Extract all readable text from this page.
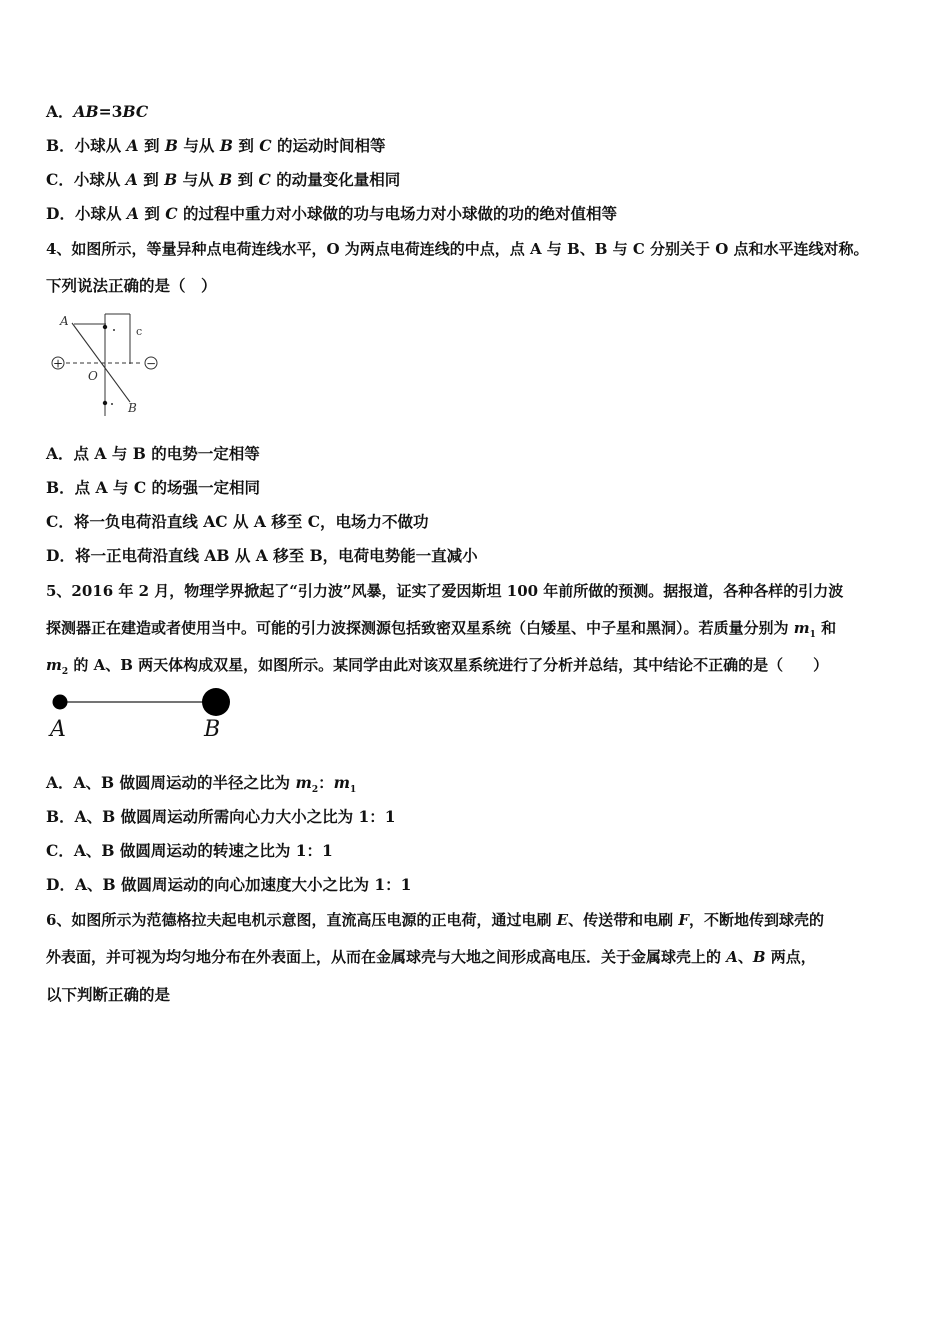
A．AB=3BC
B．小球从 A 到 B 与从 B 到 C 的运动时间相等
C．小球从 A 到 B 与从 B 到 C 的动量变化量相同
D．小球从 A 到 C 的过程中重力对小球做的功与电场力对小球做的功的绝对值相等
4、如图所示，等量异种点电荷连线水平，O 为两点电荷连线的中点，点 A 与 B、B 与 C 分别关于 O 点和水平连线对称。
下列说法正确的是（　）
+	−
A
c
O
B
A．点 A 与 B 的电势一定相等
B．点 A 与 C 的场强一定相同
C．将一负电荷沿直线 AC 从 A 移至 C，电场力不做功
D．将一正电荷沿直线 AB 从 A 移至 B，电荷电势能一直减小
5、2016 年 2 月，物理学界掀起了“引力波”风暴，证实了爱因斯坦 100 年前所做的预测。据报道，各种各样的引力波
探测器正在建造或者使用当中。可能的引力波探测源包括致密双星系统（白矮星、中子星和黑洞）。若质量分别为 $m_1$ 和
$m_2$ 的 A、B 两天体构成双星，如图所示。某同学由此对该双星系统进行了分析并总结，其中结论不正确的是（　　）
A	B
A．A、B 做圆周运动的半径之比为 $m_2$：$m_1$
B．A、B 做圆周运动所需向心力大小之比为 1：1
C．A、B 做圆周运动的转速之比为 1：1
D．A、B 做圆周运动的向心加速度大小之比为 1：1
6、如图所示为范德格拉夫起电机示意图，直流高压电源的正电荷，通过电刷 E、传送带和电刷 F，不断地传到球壳的
外表面，并可视为均匀地分布在外表面上，从而在金属球壳与大地之间形成高电压．关于金属球壳上的 A、B 两点，
以下判断正确的是
